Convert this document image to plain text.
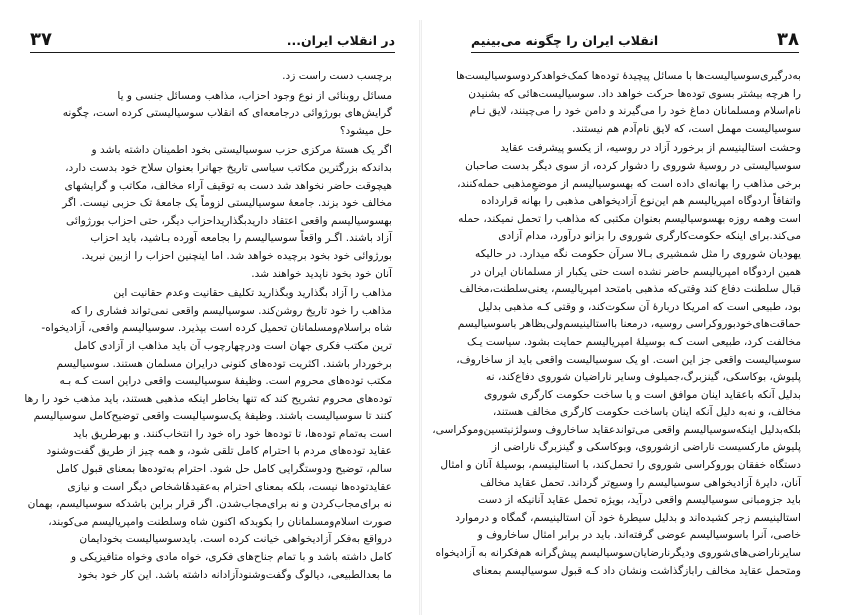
۳۷	در انقلاب ایران...
برچسب دست راست زد.
مسائل روبنائی از نوع وجود احزاب، مذاهب ومسائل جنسی و یا
گرایش‌های بورژوائی درجامعه‌ای که انقلاب سوسیالیستی کرده است، چگونه
حل میشود؟
اگر یک هستهٔ مرکزی حزب سوسیالیستی بخود اطمینان داشته باشد و
بداندکه بزرگترین مکاتب سیاسی تاریخ جهانرا بعنوان سلاح خود بدست دارد،
هیچوقت حاضر نخواهد شد دست به توقیف آراء مخالف، مکاتب و گرایشهای
مخالف خود بزند. جامعهٔ سوسیالیستی لزوماً یک جامعهٔ تک حزبی نیست. اگر
بهسوسیالیسم واقعی اعتقاد داریدبگذاریداحزاب دیگر، حتی احزاب بورژوائی
آزاد باشند. اگـر واقعاً سوسیالیسم را بجامعه آورده بـاشید، باید احزاب
بورژوائی خود بخود برچیده خواهد شد. اما اینچنین احزاب را ازبین نبرید.
آنان خود بخود ناپدید خواهند شد.
مذاهب را آزاد بگذارید وبگذارید تکلیف حقانیت وعدم حقانیت این
مذاهب را خود تاریخ روشن‌کند. سوسیالیسم واقعی نمی‌تواند فشاری را که
شاه براسلام‌ومسلمانان تحمیل کرده است بپذیرد. سوسیالیسم واقعی، آزادیخواه-
ترین مکتب فکری جهان است ودرچهارچوب آن باید مذاهب از آزادی کامل
برخوردار باشند. اکثریت توده‌های کنونی درایران مسلمان هستند. سوسیالیسم
مکتب توده‌های محروم است. وظیفهٔ سوسیالیست واقعی دراین است کـه بـه
توده‌های محروم تشریح کند که تنها بخاطر اینکه مذهبی هستند، باید مذهب خود را رها
کنند تا سوسیالیست باشند. وظیفهٔ یک‌سوسیالیست واقعی توضیح‌کامل سوسیالیسم
است به‌تمام توده‌ها، تا توده‌ها خود راه خود را انتخاب‌کنند. و بهرطریق باید
عقاید توده‌های مردم با احترام کامل تلقی شود، و همه چیز از طریق گفت‌وشنود
سالم، توضیح ودوستگرایی کامل حل شود. احترام به‌توده‌ها بمعنای قبول کامل
عقایدتوده‌ها نیست، بلکه بمعنای احترام به‌عقیدهٔاشخاص دیگر است و نیازی
نه برای‌مجاب‌کردن و نه برای‌مجاب‌شدن. اگر قرار براین باشدکه سوسیالیسم، بهمان
صورت اسلام‌ومسلمانان را بکوبدکه اکنون شاه وسلطنت وامپریالیسم می‌کوبند،
درواقع به‌فکر آزادیخواهی خیانت کرده است. بایدسوسیالیست بخودایمان
کامل داشته باشد و با تمام جناح‌های فکری، خواه مادی وخواه متافیزیکی و
ما بعدالطبیعی، دیالوگ وگفت‌وشنودآزادانه داشته باشد. این کار خود بخود
۳۸
انقلاب ایران را چگونه می‌بینیم
بەدرگیری‌سوسیالیست‌ها با مسائل پیچیدهٔ توده‌ها کمک‌خواهدکردوسوسیالیست‌ها
را هرچه بیشتر بسوی توده‌ها حرکت خواهد داد. سوسیالیست‌هائی که بشنیدن
نام‌اسلام ومسلمانان دماغ خود را می‌گیرند و دامن خود را می‌چینند، لایق نـام
سوسیالیست مهمل است، که لایق نام‌آدم هم نیستند.
وحشت استالینیسم از برخورد آزاد در روسیه، از یکسو پیشرفت عقاید
سوسیالیستی در روسیهٔ شوروی را دشوار کرده، از سوی دیگر بدست صاحبان
برخی مذاهب را بهانه‌ای داده است که بهسوسیالیسم از موضعِ‌مذهبی حمله‌کنند،
واتفاقاً اردوگاه امپریالیسم هم این‌نوع آزادیخواهی مذهبی را بهانه قرارداده
است وهمه روزه بهسوسیالیسم بعنوان مکتبی که مذاهب را تحمل نمیکند، حمله
می‌کند.برای اینکه حکومت‌کارگری شوروی را بزانو درآورد، مدام آزادی
یهودیان شوروی را مثل شمشیری بـالا سرآن حکومت نگه میدارد. در حالیکه
همین اردوگاه امپریالیسم حاضر نشده است حتی یکبار از مسلمانان ایران در
قبال سلطنت دفاع کند وقتی‌که مذهبی بامتحد امپریالیسم، یعنی‌سلطنت،مخالف
بود، طبیعی است که امریکا دربارهٔ آن سکوت‌کند، و وقتی کـه مذهبی بدلیل
حماقت‌های‌خودبوروکراسی روسیه، درمعنا بااستالینیسم‌ولی‌بظاهر باسوسیالیسم
مخالفت کرد، طبیعی است کـه بوسیلهٔ امپریالیسم حمایت بشود. سیاست یـک
سوسیالیست واقعی جز این است. او یک سوسیالیست واقعی باید از ساخاروف،
پلیوش، بوکاسکی، گینزبرگ،جمیلوف وسایر ناراضیان شوروی دفاع‌کند، نه
بدلیل آنکه باعقاید اینان موافق است و یا ساخت حکومت کارگری شوروی
مخالف، و نه‌به دلیل آنکه اینان باساخت حکومت کارگری مخالف هستند،
بلکه‌بدلیل اینکه‌سوسیالیسم واقعی می‌تواند‌عقاید ساخاروف وسولژنیتسین‌وموکراسی،
پلیوش مارکسیست ناراضی ازشوروی، وبوکاسکی و گینزبرگ ناراضی از
دستگاه خفقان بوروکراسی شوروی را تحمل‌کند، با استالینیسم، بوسیلهٔ آنان و امثال
آنان، دایرهٔ آزادیخواهی سوسیالیسم را وسیع‌تر گرداند. تحمل عقاید مخالف
باید جزومبانی سوسیالیسم واقعی درآید، بویژه تحمل عقاید آنانیکه از دست
استالینیسم زجر کشیده‌اند و بدلیل سیطرهٔ خود آن استالینیسم، گمگاه و درموارد
خاصی، آنرا باسوسیالیسم عوضی گرفته‌اند. باید در برابر امثال ساخاروف و
سایرناراضی‌های‌شوروی ودیگرنارضایان‌سوسیالیسم‌ پیش‌گرانه هم‌فکرانه به ‌آزادیخواه
ومتحمل عقاید مخالف راباز‌گذاشت ونشان داد کـه قبول سوسیالیسم بمعنای
